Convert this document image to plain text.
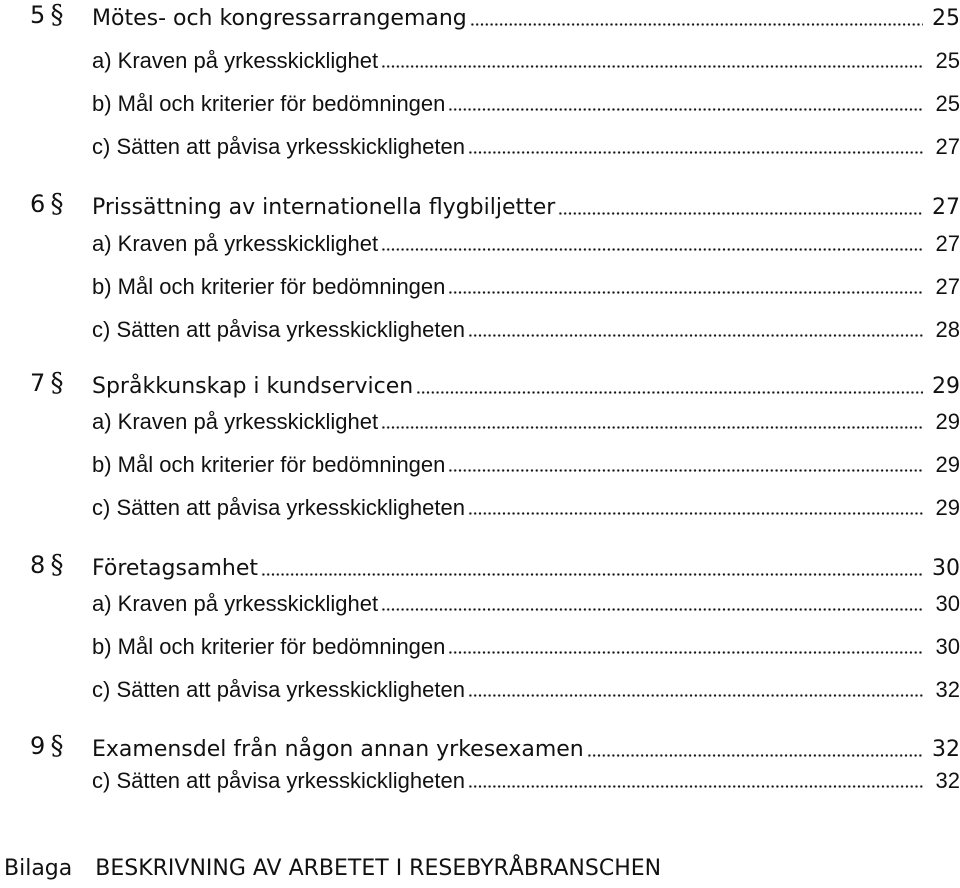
5 § Mötes- och kongressarrangemang	25
a) Kraven på yrkesskicklighet	25
b) Mål och kriterier för bedömningen	25
c) Sätten att påvisa yrkesskickligheten	27
6 § Prissättning av internationella flygbiljetter	27
a) Kraven på yrkesskicklighet	27
b) Mål och kriterier för bedömningen	27
c) Sätten att påvisa yrkesskickligheten	28
7 § Språkkunskap i kundservicen	29
a) Kraven på yrkesskicklighet	29
b) Mål och kriterier för bedömningen	29
c) Sätten att påvisa yrkesskickligheten	29
8 § Företagsamhet	30
a) Kraven på yrkesskicklighet	30
b) Mål och kriterier för bedömningen	30
c) Sätten att påvisa yrkesskickligheten	32
9 § Examensdel från någon annan yrkesexamen	32
c) Sätten att påvisa yrkesskickligheten	32
Bilaga BESKRIVNING AV ARBETET I RESEBYRÅBRANSCHEN
